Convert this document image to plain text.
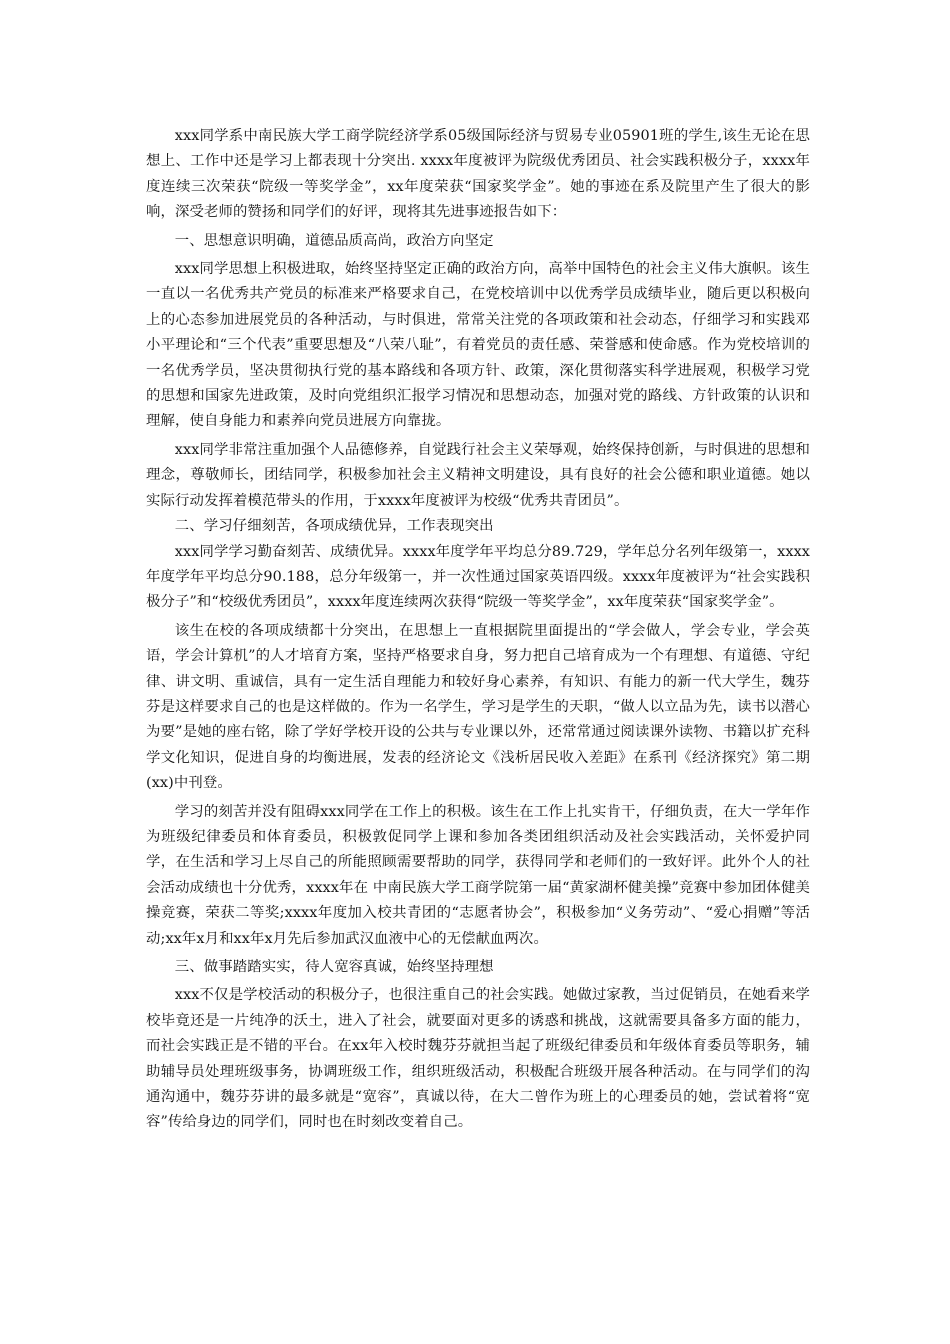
xxx同学系中南民族大学工商学院经济学系05级国际经济与贸易专业05901班的学生,该生无论在思想上、工作中还是学习上都表现十分突出. xxxx年度被评为院级优秀团员、社会实践积极分子，xxxx年度连续三次荣获“院级一等奖学金”，xx年度荣获“国家奖学金”。她的事迹在系及院里产生了很大的影响，深受老师的赞扬和同学们的好评，现将其先进事迹报告如下：

一、思想意识明确，道德品质高尚，政治方向坚定

xxx同学思想上积极进取，始终坚持坚定正确的政治方向，高举中国特色的社会主义伟大旗帜。该生一直以一名优秀共产党员的标准来严格要求自己，在党校培训中以优秀学员成绩毕业，随后更以积极向上的心态参加进展党员的各种活动，与时俱进，常常关注党的各项政策和社会动态，仔细学习和实践邓小平理论和“三个代表”重要思想及“八荣八耻”，有着党员的责任感、荣誉感和使命感。作为党校培训的一名优秀学员，坚决贯彻执行党的基本路线和各项方针、政策，深化贯彻落实科学进展观，积极学习党的思想和国家先进政策，及时向党组织汇报学习情况和思想动态，加强对党的路线、方针政策的认识和理解，使自身能力和素养向党员进展方向靠拢。

xxx同学非常注重加强个人品德修养，自觉践行社会主义荣辱观，始终保持创新，与时俱进的思想和理念，尊敬师长，团结同学，积极参加社会主义精神文明建设，具有良好的社会公德和职业道德。她以实际行动发挥着模范带头的作用，于xxxx年度被评为校级“优秀共青团员”。

二、学习仔细刻苦，各项成绩优异，工作表现突出

xxx同学学习勤奋刻苦、成绩优异。xxxx年度学年平均总分89.729，学年总分名列年级第一，xxxx年度学年平均总分90.188，总分年级第一，并一次性通过国家英语四级。xxxx年度被评为“社会实践积极分子”和“校级优秀团员”，xxxx年度连续两次获得“院级一等奖学金”，xx年度荣获“国家奖学金”。

该生在校的各项成绩都十分突出，在思想上一直根据院里面提出的“学会做人，学会专业，学会英语，学会计算机”的人才培育方案，坚持严格要求自身，努力把自己培育成为一个有理想、有道德、守纪律、讲文明、重诚信，具有一定生活自理能力和较好身心素养，有知识、有能力的新一代大学生，魏芬芬是这样要求自己的也是这样做的。作为一名学生，学习是学生的天职，“做人以立品为先，读书以潜心为要”是她的座右铭，除了学好学校开设的公共与专业课以外，还常常通过阅读课外读物、书籍以扩充科学文化知识，促进自身的均衡进展，发表的经济论文《浅析居民收入差距》在系刊《经济探究》第二期(xx)中刊登。

学习的刻苦并没有阻碍xxx同学在工作上的积极。该生在工作上扎实肯干，仔细负责，在大一学年作为班级纪律委员和体育委员，积极敦促同学上课和参加各类团组织活动及社会实践活动，关怀爱护同学，在生活和学习上尽自己的所能照顾需要帮助的同学，获得同学和老师们的一致好评。此外个人的社会活动成绩也十分优秀，xxxx年在 中南民族大学工商学院第一届“黄家湖杯健美操”竞赛中参加团体健美操竞赛，荣获二等奖;xxxx年度加入校共青团的“志愿者协会”，积极参加“义务劳动”、“爱心捐赠”等活动;xx年x月和xx年x月先后参加武汉血液中心的无偿献血两次。

三、做事踏踏实实，待人宽容真诚，始终坚持理想

xxx不仅是学校活动的积极分子，也很注重自己的社会实践。她做过家教，当过促销员，在她看来学校毕竟还是一片纯净的沃土，进入了社会，就要面对更多的诱惑和挑战，这就需要具备多方面的能力，而社会实践正是不错的平台。在xx年入校时魏芬芬就担当起了班级纪律委员和年级体育委员等职务，辅助辅导员处理班级事务，协调班级工作，组织班级活动，积极配合班级开展各种活动。在与同学们的沟通沟通中，魏芬芬讲的最多就是“宽容”，真诚以待，在大二曾作为班上的心理委员的她，尝试着将“宽容”传给身边的同学们，同时也在时刻改变着自己。
